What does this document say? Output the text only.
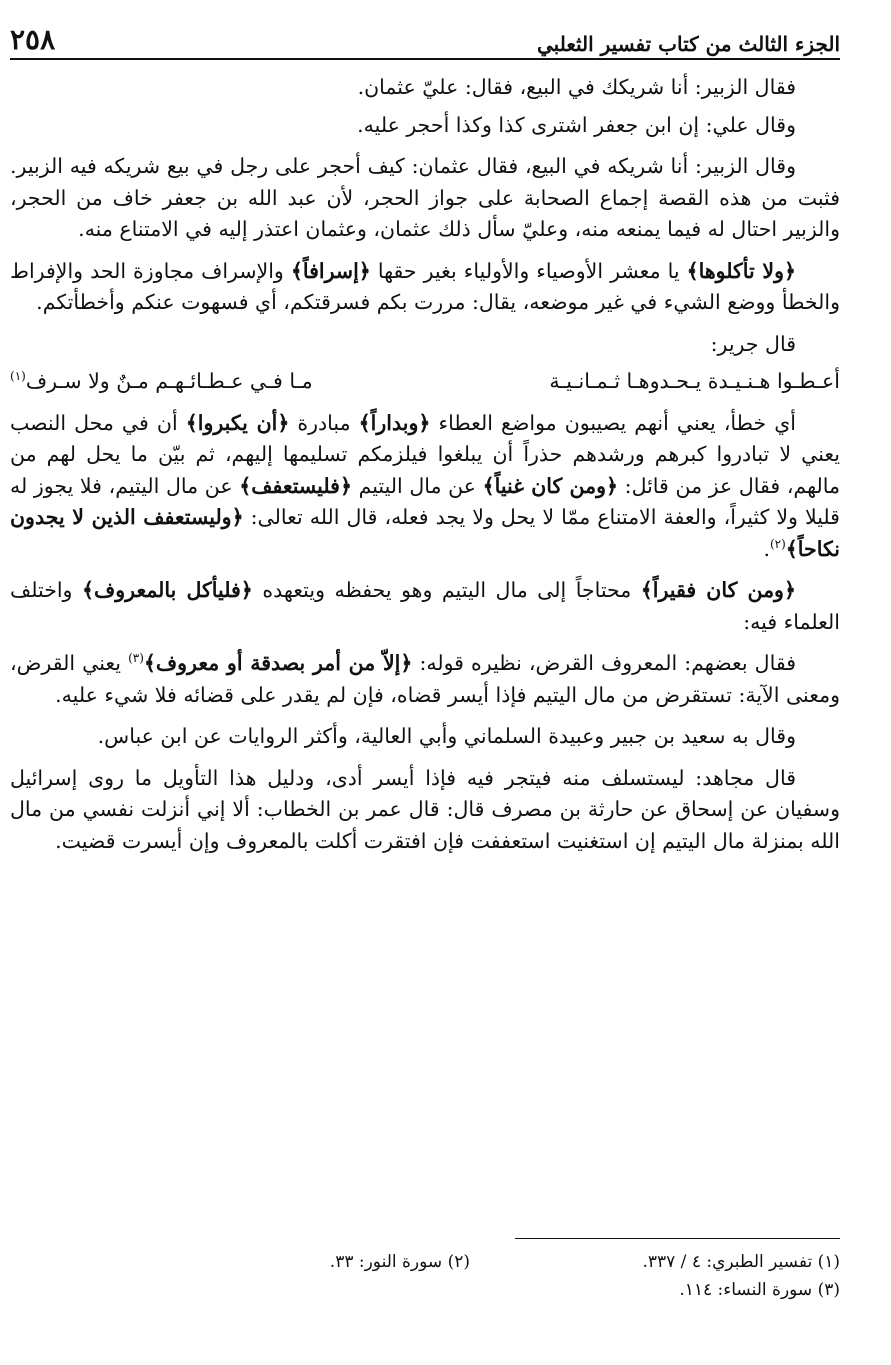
الجزء الثالث من كتاب تفسير الثعلبي
٢٥٨

فقال الزبير: أنا شريكك في البيع، فقال: عليّ عثمان.

وقال علي: إن ابن جعفر اشترى كذا وكذا أحجر عليه.

وقال الزبير: أنا شريكه في البيع، فقال عثمان: كيف أحجر على رجل في بيع شريكه فيه الزبير. فثبت من هذه القصة إجماع الصحابة على جواز الحجر، لأن عبد الله بن جعفر خاف من الحجر، والزبير احتال له فيما يمنعه منه، وعليّ سأل ذلك عثمان، وعثمان اعتذر إليه في الامتناع منه.

﴿ولا تأكلوها﴾ يا معشر الأوصياء والأولياء بغير حقها ﴿إسرافاً﴾ والإسراف مجاوزة الحد والإفراط والخطأ ووضع الشيء في غير موضعه، يقال: مررت بكم فسرقتكم، أي فسهوت عنكم وأخطأتكم.

قال جرير:

أعـطـوا هـنـيـدة يـحـدوهـا ثـمـانـيـة
مـا فـي عـطـائـهـم مـنٌ ولا سـرف$^{(١)}$

أي خطأ، يعني أنهم يصيبون مواضع العطاء ﴿وبداراً﴾ مبادرة ﴿أن يكبروا﴾ أن في محل النصب يعني لا تبادروا كبرهم ورشدهم حذراً أن يبلغوا فيلزمكم تسليمها إليهم، ثم بيّن ما يحل لهم من مالهم، فقال عز من قائل: ﴿ومن كان غنياً﴾ عن مال اليتيم ﴿فليستعفف﴾ عن مال اليتيم، فلا يجوز له قليلا ولا كثيراً، والعفة الامتناع ممّا لا يحل ولا يجد فعله، قال الله تعالى: ﴿وليستعفف الذين لا يجدون نكاحاً﴾$^{(٢)}$.

﴿ومن كان فقيراً﴾ محتاجاً إلى مال اليتيم وهو يحفظه ويتعهده ﴿فليأكل بالمعروف﴾ واختلف العلماء فيه:

فقال بعضهم: المعروف القرض، نظيره قوله: ﴿إلاّ من أمر بصدقة أو معروف﴾$^{(٣)}$ يعني القرض، ومعنى الآية: تستقرض من مال اليتيم فإذا أيسر قضاه، فإن لم يقدر على قضائه فلا شيء عليه.

وقال به سعيد بن جبير وعبيدة السلماني وأبي العالية، وأكثر الروايات عن ابن عباس.

قال مجاهد: ليستسلف منه فيتجر فيه فإذا أيسر أدى، ودليل هذا التأويل ما روى إسرائيل وسفيان عن إسحاق عن حارثة بن مصرف قال: قال عمر بن الخطاب: ألا إني أنزلت نفسي من مال الله بمنزلة مال اليتيم إن استغنيت استعففت فإن افتقرت أكلت بالمعروف وإن أيسرت قضيت.

(١) تفسير الطبري: ٤ / ٣٣٧.
(٢) سورة النور: ٣٣.
(٣) سورة النساء: ١١٤.
